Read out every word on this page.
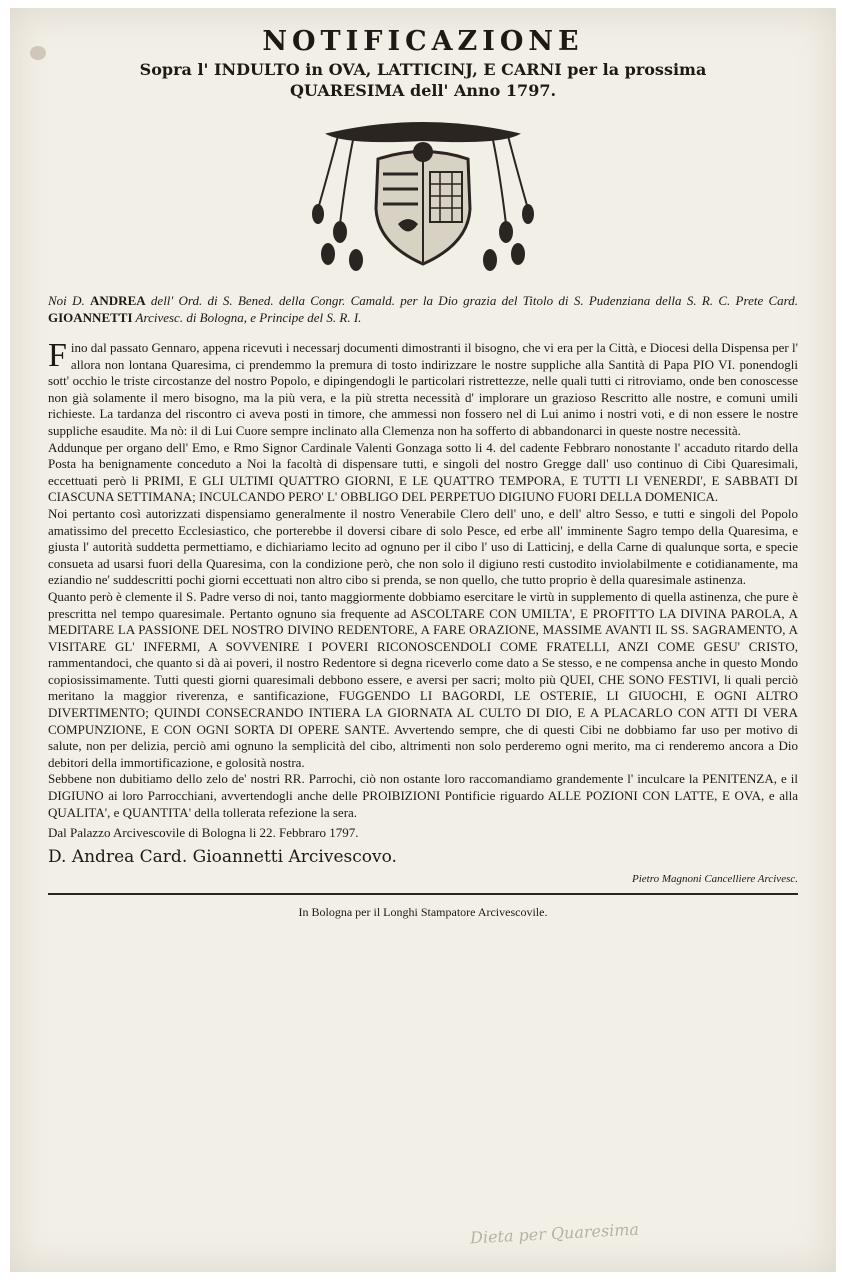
NOTIFICAZIONE

Sopra l' INDULTO in OVA, LATTICINJ, E CARNI per la prossima

QUARESIMA dell' Anno 1797.

Noi D. ANDREA dell' Ord. di S. Bened. della Congr. Camald. per la Dio grazia del Titolo di S. Pudenziana della S. R. C. Prete Card. GIOANNETTI Arcivesc. di Bologna, e Principe del S. R. I.

Fino dal passato Gennaro, appena ricevuti i necessarj documenti dimostranti il bisogno, che vi era per la Città, e Diocesi della Dispensa per l' allora non lontana Quaresima, ci prendemmo la premura di tosto indirizzare le nostre suppliche alla Santità di Papa PIO VI. ponendogli sott' occhio le triste circostanze del nostro Popolo, e dipingendogli le particolari ristrettezze, nelle quali tutti ci ritroviamo, onde ben conoscesse non già solamente il mero bisogno, ma la più vera, e la più stretta necessità d' implorare un grazioso Rescritto alle nostre, e comuni umili richieste. La tardanza del riscontro ci aveva posti in timore, che ammessi non fossero nel di Lui animo i nostri voti, e di non essere le nostre suppliche esaudite. Ma nò: il di Lui Cuore sempre inclinato alla Clemenza non ha sofferto di abbandonarci in queste nostre necessità.

Addunque per organo dell' Emo, e Rmo Signor Cardinale Valenti Gonzaga sotto li 4. del cadente Febbraro nonostante l' accaduto ritardo della Posta ha benignamente conceduto a Noi la facoltà di dispensare tutti, e singoli del nostro Gregge dall' uso continuo di Cibi Quaresimali, eccettuati però li PRIMI, E GLI ULTIMI QUATTRO GIORNI, E LE QUATTRO TEMPORA, E TUTTI LI VENERDI', E SABBATI DI CIASCUNA SETTIMANA; INCULCANDO PERO' L' OBBLIGO DEL PERPETUO DIGIUNO FUORI DELLA DOMENICA.

Noi pertanto così autorizzati dispensiamo generalmente il nostro Venerabile Clero dell' uno, e dell' altro Sesso, e tutti e singoli del Popolo amatissimo del precetto Ecclesiastico, che porterebbe il doversi cibare di solo Pesce, ed erbe all' imminente Sagro tempo della Quaresima, e giusta l' autorità suddetta permettiamo, e dichiariamo lecito ad ognuno per il cibo l' uso di Latticinj, e della Carne di qualunque sorta, e specie consueta ad usarsi fuori della Quaresima, con la condizione però, che non solo il digiuno resti custodito inviolabilmente e cotidianamente, ma eziandio ne' suddescritti pochi giorni eccettuati non altro cibo si prenda, se non quello, che tutto proprio è della quaresimale astinenza.

Quanto però è clemente il S. Padre verso di noi, tanto maggiormente dobbiamo esercitare le virtù in supplemento di quella astinenza, che pure è prescritta nel tempo quaresimale. Pertanto ognuno sia frequente ad ASCOLTARE CON UMILTA', E PROFITTO LA DIVINA PAROLA, A MEDITARE LA PASSIONE DEL NOSTRO DIVINO REDENTORE, A FARE ORAZIONE, MASSIME AVANTI IL SS. SAGRAMENTO, A VISITARE GL' INFERMI, A SOVVENIRE I POVERI RICONOSCENDOLI COME FRATELLI, ANZI COME GESU' CRISTO, rammentandoci, che quanto si dà ai poveri, il nostro Redentore si degna riceverlo come dato a Se stesso, e ne compensa anche in questo Mondo copiosissimamente. Tutti questi giorni quaresimali debbono essere, e aversi per sacri; molto più QUEI, CHE SONO FESTIVI, li quali perciò meritano la maggior riverenza, e santificazione, FUGGENDO LI BAGORDI, LE OSTERIE, LI GIUOCHI, E OGNI ALTRO DIVERTIMENTO; QUINDI CONSECRANDO INTIERA LA GIORNATA AL CULTO DI DIO, E A PLACARLO CON ATTI DI VERA COMPUNZIONE, E CON OGNI SORTA DI OPERE SANTE. Avvertendo sempre, che di questi Cibi ne dobbiamo far uso per motivo di salute, non per delizia, perciò ami ognuno la semplicità del cibo, altrimenti non solo perderemo ogni merito, ma ci renderemo ancora a Dio debitori della immortificazione, e golosità nostra.

Sebbene non dubitiamo dello zelo de' nostri RR. Parrochi, ciò non ostante loro raccomandiamo grandemente l' inculcare la PENITENZA, e il DIGIUNO ai loro Parrocchiani, avvertendogli anche delle PROIBIZIONI Pontificie riguardo ALLE POZIONI CON LATTE, E OVA, e alla QUALITA', e QUANTITA' della tollerata refezione la sera.

Dal Palazzo Arcivescovile di Bologna li 22. Febbraro 1797.

D. Andrea Card. Gioannetti Arcivescovo.

Pietro Magnoni Cancelliere Arcivesc.

In Bologna per il Longhi Stampatore Arcivescovile.

Dieta per Quaresima
